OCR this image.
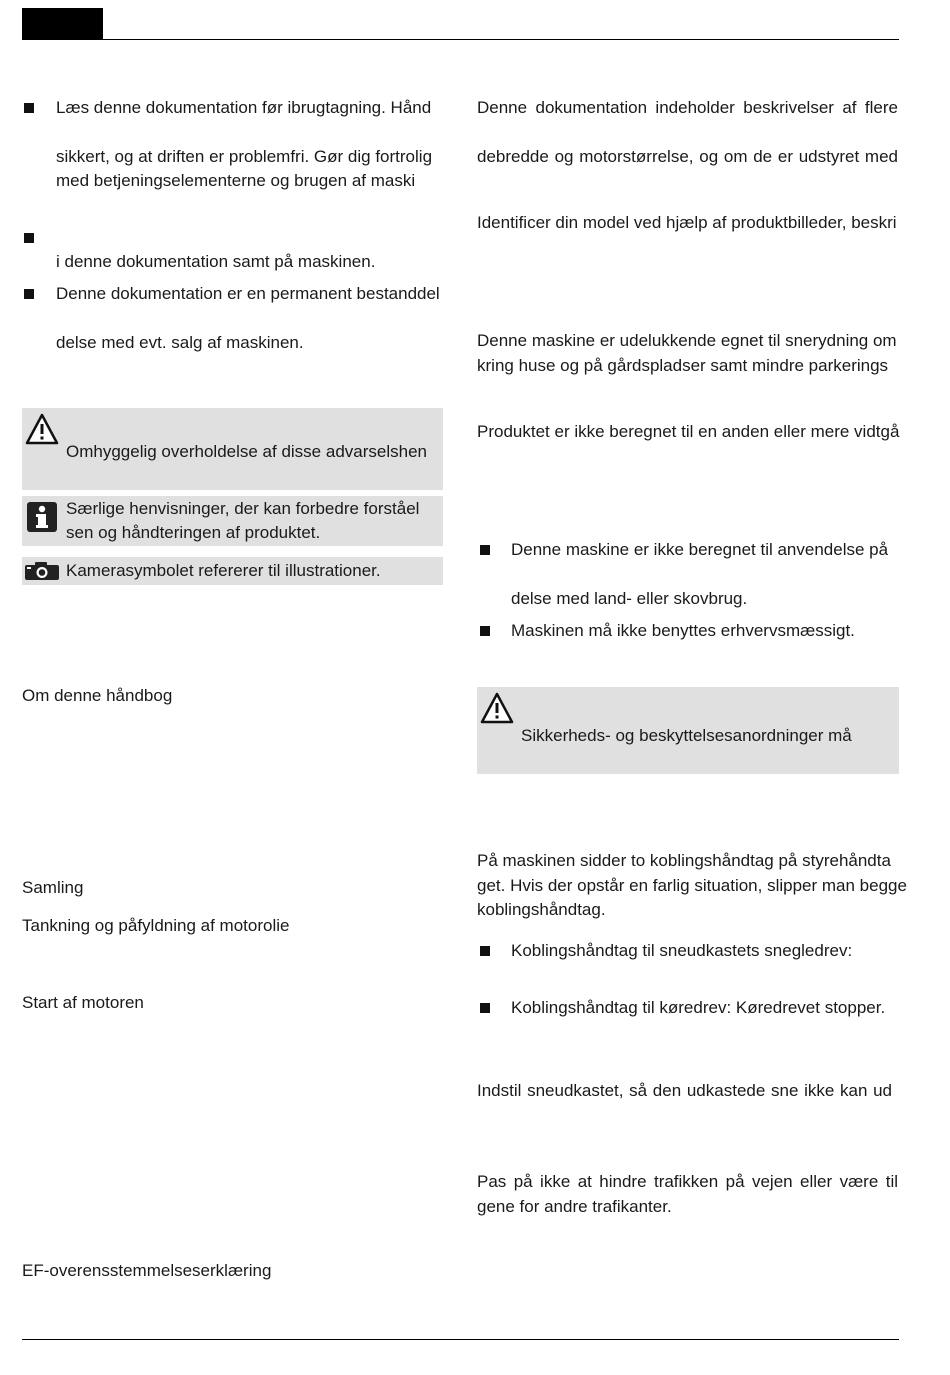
Læs denne dokumentation før ibrugtagning. Hånd
sikkert, og at driften er problemfri. Gør dig fortrolig
med betjeningselementerne og brugen af maski
i denne dokumentation samt på maskinen.
Denne dokumentation er en permanent bestanddel
delse med evt. salg af maskinen.
Omhyggelig overholdelse af disse advarselshen
Særlige henvisninger, der kan forbedre forståel
sen og håndteringen af produktet.
Kamerasymbolet refererer til illustrationer.
Om denne håndbog
Samling
Tankning og påfyldning af motorolie
Start af motoren
EF-overensstemmelseserklæring
Denne dokumentation indeholder beskrivelser af flere
debredde og motorstørrelse, og om de er udstyret med
Identificer din model ved hjælp af produktbilleder, beskri
Denne maskine er udelukkende egnet til snerydning om
kring huse og på gårdspladser samt mindre parkerings
Produktet er ikke beregnet til en anden eller mere vidtgå
Denne maskine er ikke beregnet til anvendelse på
delse med land- eller skovbrug.
Maskinen må ikke benyttes erhvervsmæssigt.
Sikkerheds- og beskyttelsesanordninger må
På maskinen sidder to koblingshåndtag på styrehåndta
get. Hvis der opstår en farlig situation, slipper man begge
koblingshåndtag.
Koblingshåndtag til sneudkastets snegledrev:
Koblingshåndtag til køredrev: Køredrevet stopper.
Indstil sneudkastet, så den udkastede sne ikke kan ud
Pas på ikke at hindre trafikken på vejen eller være til
gene for andre trafikanter.
